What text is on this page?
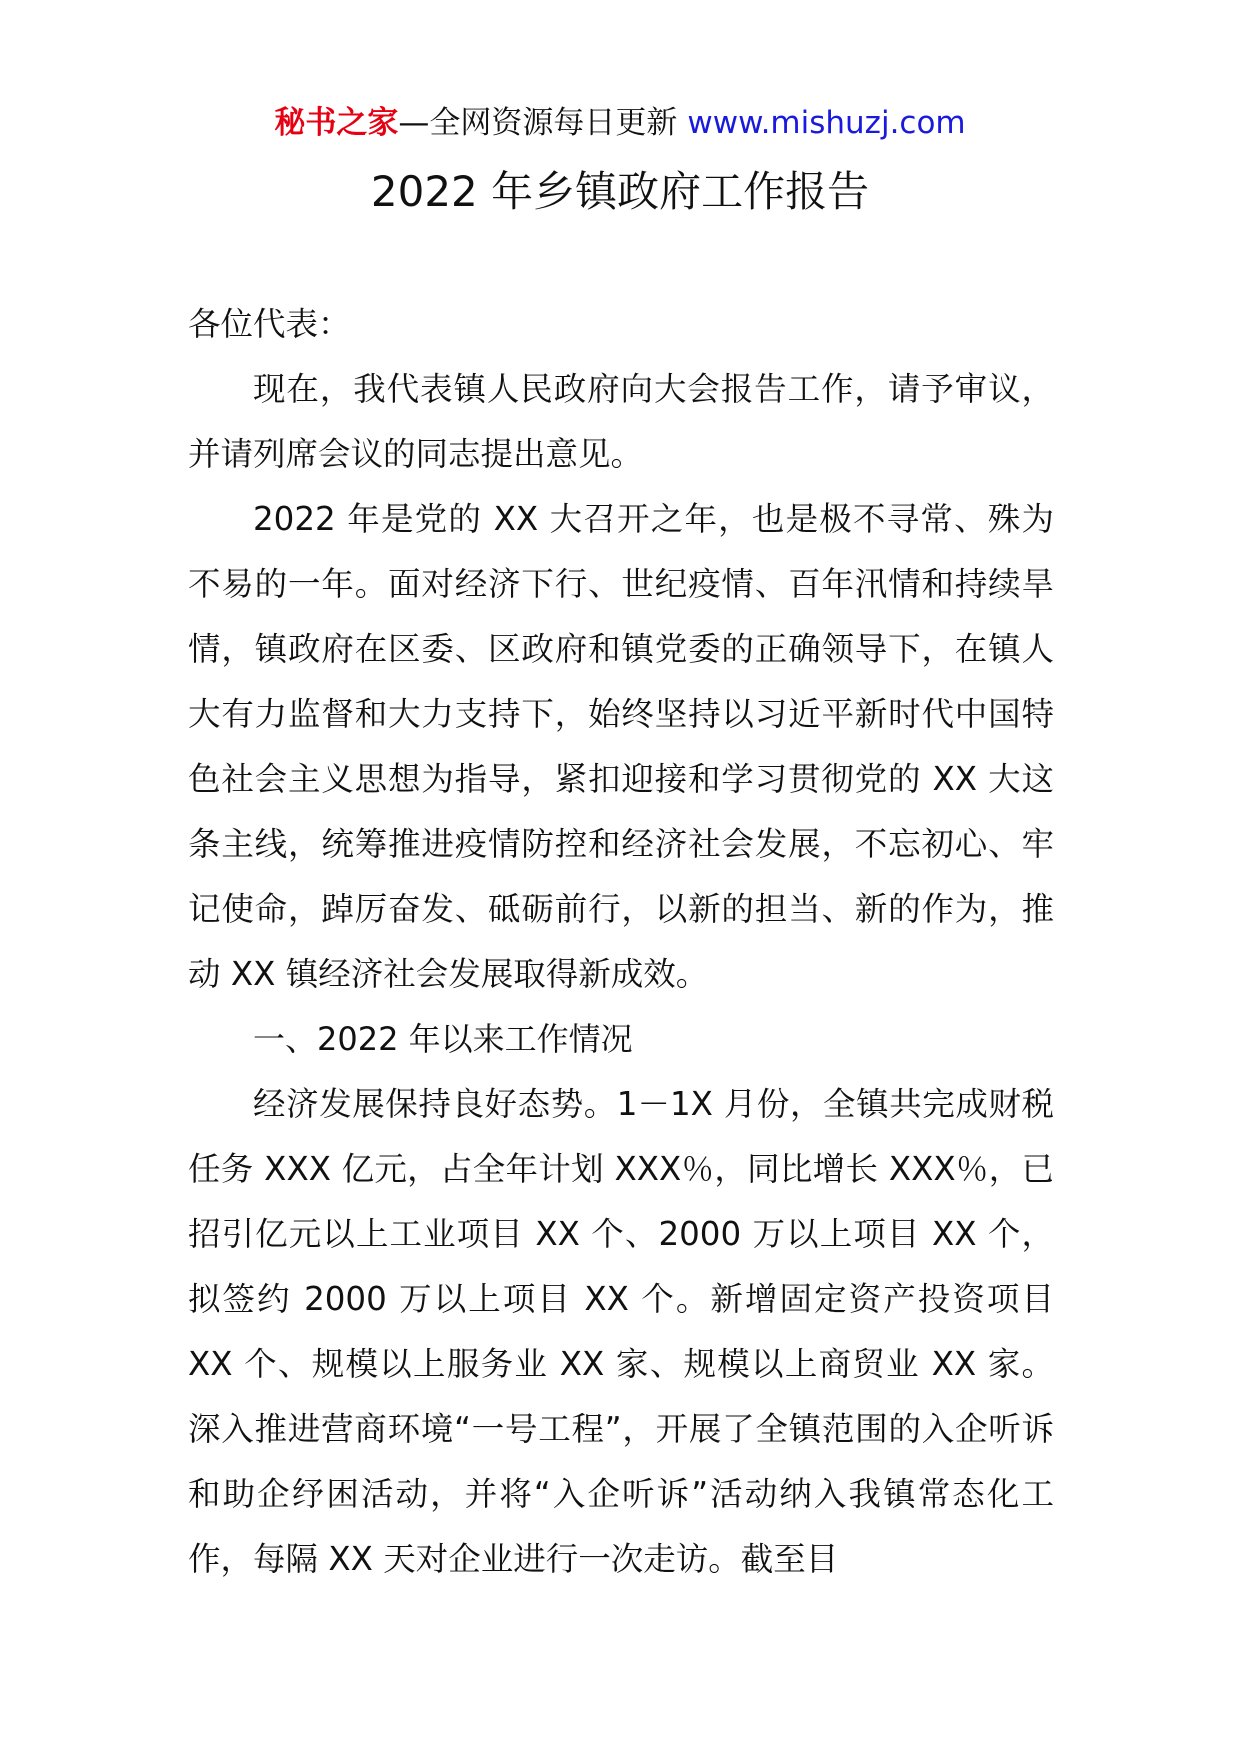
秘书之家—全网资源每日更新 www.mishuzj.com
2022 年乡镇政府工作报告

各位代表：

现在，我代表镇人民政府向大会报告工作，请予审议，并请列席会议的同志提出意见。

2022 年是党的 XX 大召开之年，也是极不寻常、殊为不易的一年。面对经济下行、世纪疫情、百年汛情和持续旱情，镇政府在区委、区政府和镇党委的正确领导下，在镇人大有力监督和大力支持下，始终坚持以习近平新时代中国特色社会主义思想为指导，紧扣迎接和学习贯彻党的 XX 大这条主线，统筹推进疫情防控和经济社会发展，不忘初心、牢记使命，踔厉奋发、砥砺前行，以新的担当、新的作为，推动 XX 镇经济社会发展取得新成效。

一、2022 年以来工作情况

经济发展保持良好态势。1－1X 月份，全镇共完成财税任务 XXX 亿元，占全年计划 XXX％，同比增长 XXX％，已招引亿元以上工业项目 XX 个、2000 万以上项目 XX 个，拟签约 2000 万以上项目 XX 个。新增固定资产投资项目 XX 个、规模以上服务业 XX 家、规模以上商贸业 XX 家。深入推进营商环境“一号工程”，开展了全镇范围的入企听诉和助企纾困活动，并将“入企听诉”活动纳入我镇常态化工作，每隔 XX 天对企业进行一次走访。截至目
